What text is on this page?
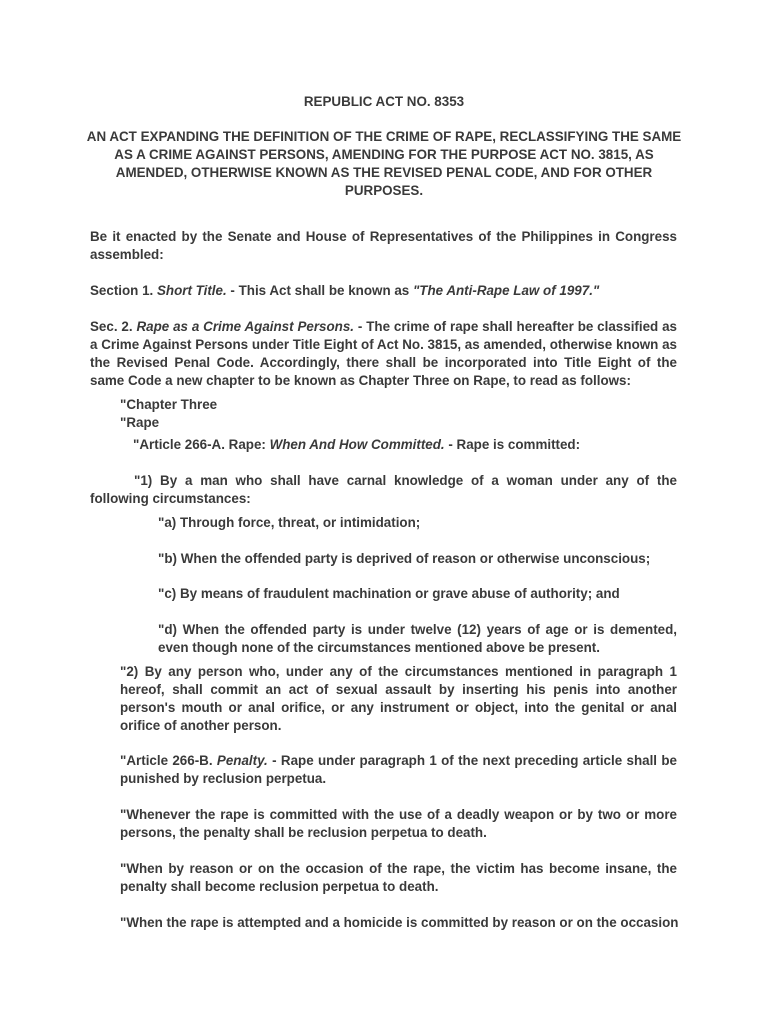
REPUBLIC ACT NO. 8353

AN ACT EXPANDING THE DEFINITION OF THE CRIME OF RAPE, RECLASSIFYING THE SAME
AS A CRIME AGAINST PERSONS, AMENDING FOR THE PURPOSE ACT NO. 3815, AS
AMENDED, OTHERWISE KNOWN AS THE REVISED PENAL CODE, AND FOR OTHER
PURPOSES.

Be it enacted by the Senate and House of Representatives of the Philippines in Congress assembled:

Section 1. Short Title. - This Act shall be known as "The Anti-Rape Law of 1997."

Sec. 2. Rape as a Crime Against Persons. - The crime of rape shall hereafter be classified as a Crime Against Persons under Title Eight of Act No. 3815, as amended, otherwise known as the Revised Penal Code. Accordingly, there shall be incorporated into Title Eight of the same Code a new chapter to be known as Chapter Three on Rape, to read as follows:

"Chapter Three

"Rape

"Article 266-A. Rape: When And How Committed. - Rape is committed:

"1) By a man who shall have carnal knowledge of a woman under any of the following circumstances:

"a) Through force, threat, or intimidation;

"b) When the offended party is deprived of reason or otherwise unconscious;

"c) By means of fraudulent machination or grave abuse of authority; and

"d) When the offended party is under twelve (12) years of age or is demented, even though none of the circumstances mentioned above be present.

"2) By any person who, under any of the circumstances mentioned in paragraph 1 hereof, shall commit an act of sexual assault by inserting his penis into another person's mouth or anal orifice, or any instrument or object, into the genital or anal orifice of another person.

"Article 266-B. Penalty. - Rape under paragraph 1 of the next preceding article shall be punished by reclusion perpetua.

"Whenever the rape is committed with the use of a deadly weapon or by two or more persons, the penalty shall be reclusion perpetua to death.

"When by reason or on the occasion of the rape, the victim has become insane, the penalty shall become reclusion perpetua to death.

"When the rape is attempted and a homicide is committed by reason or on the occasion
